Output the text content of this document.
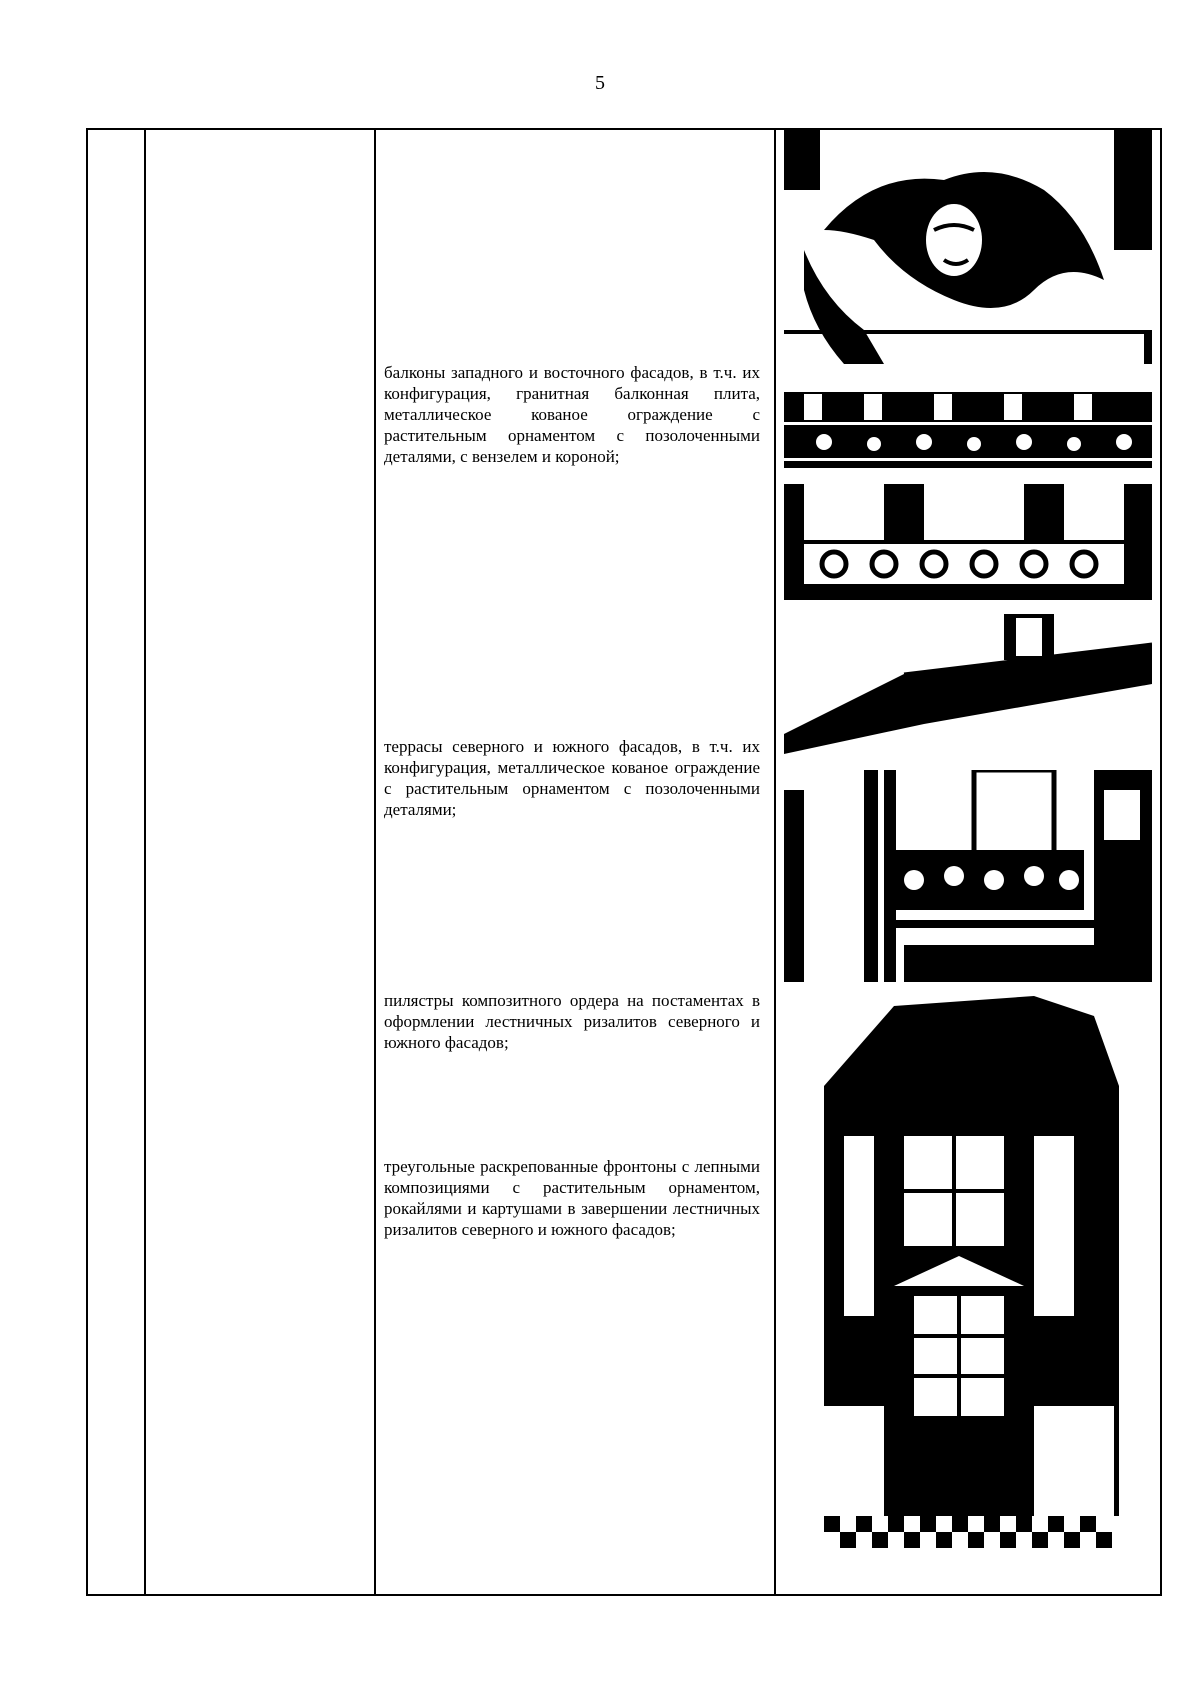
5
балконы западного и восточного фасадов, в т.ч. их конфигурация, гранитная балконная плита, металлическое кованое ограждение с растительным орнаментом с позолоченными деталями, с вензелем и короной;
террасы северного и южного фасадов, в т.ч. их конфигурация, металлическое кованое ограждение с растительным орнаментом с позолоченными деталями;
пилястры композитного ордера на постаментах в оформлении лестничных ризалитов северного и южного фасадов;
треугольные раскрепованные фронтоны с лепными композициями с растительным орнаментом, рокайлями и картушами в завершении лестничных ризалитов северного и южного фасадов;
